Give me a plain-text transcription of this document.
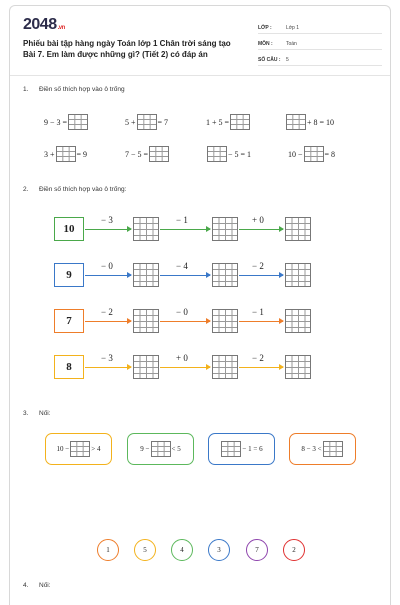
2048.vn
Phiếu bài tập hàng ngày Toán lớp 1 Chân trời sáng tạo Bài 7. Em làm được những gì? (Tiết 2) có đáp án
LỚP :	Lớp 1
MÔN :	Toán
SỐ CÂU :	5
1. Điền số thích hợp vào ô trống
9 − 3 =	5 +	= 7	1 + 5 =	+ 8 = 10
3 +	= 9	7 − 5 =	− 5 = 1	10 −	= 8
2. Điền số thích hợp vào ô trống:
10
− 3	− 1	+ 0
9
− 0	− 4	− 2
7
− 2	− 0	− 1
8
− 3	+ 0	− 2
3. Nối:
10 −	> 4	9 −	< 5	− 1 = 6	8 − 3 <
1	5	4	3	7	2
4. Nối:
